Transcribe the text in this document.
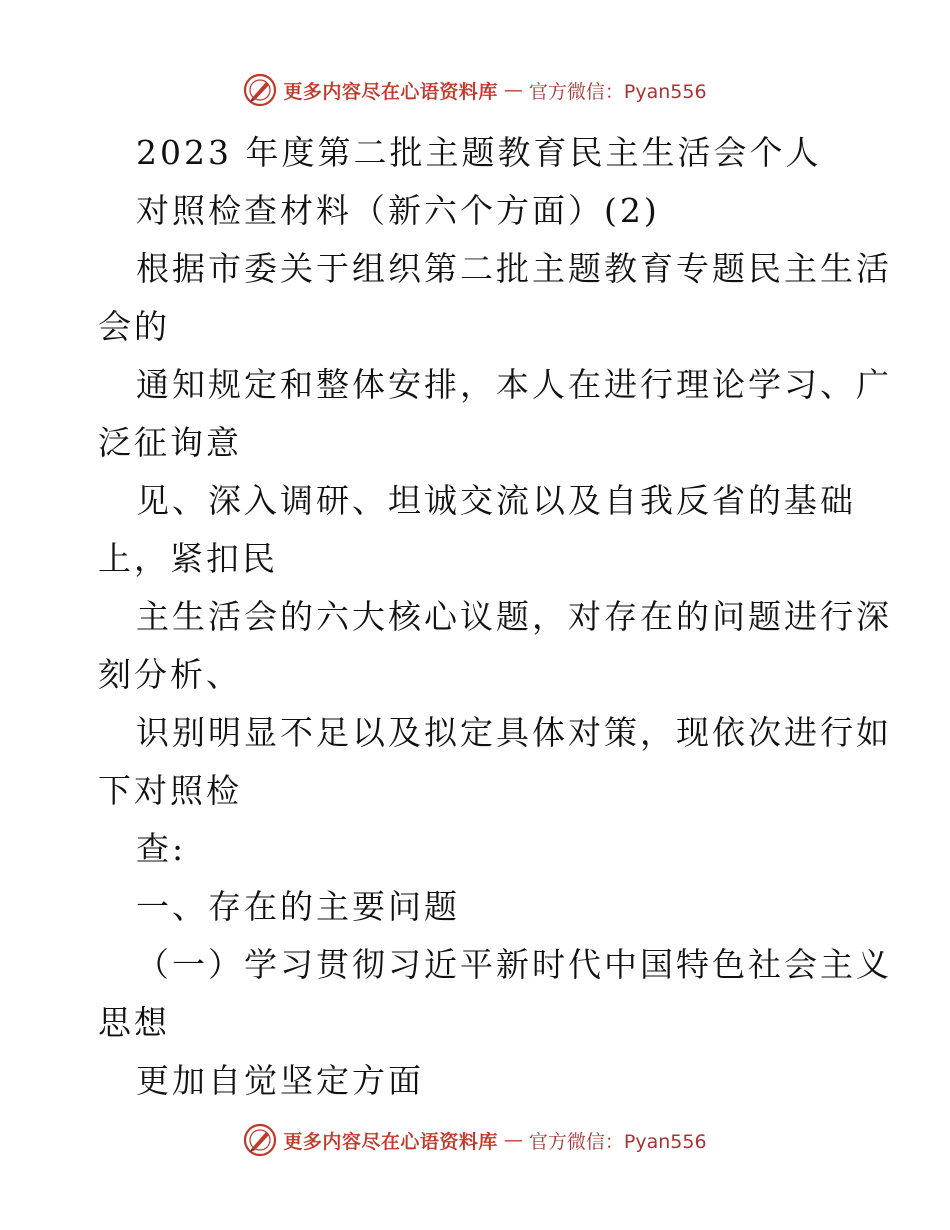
更多内容尽在心语资料库 — 官方微信：Pyan556
2023 年度第二批主题教育民主生活会个人
对照检查材料（新六个方面）(2)
根据市委关于组织第二批主题教育专题民主生活
会的
通知规定和整体安排，本人在进行理论学习、广
泛征询意
见、深入调研、坦诚交流以及自我反省的基础
上，紧扣民
主生活会的六大核心议题，对存在的问题进行深
刻分析、
识别明显不足以及拟定具体对策，现依次进行如
下对照检
查:
一、存在的主要问题
（一）学习贯彻习近平新时代中国特色社会主义
思想
更加自觉坚定方面
更多内容尽在心语资料库 — 官方微信：Pyan556
